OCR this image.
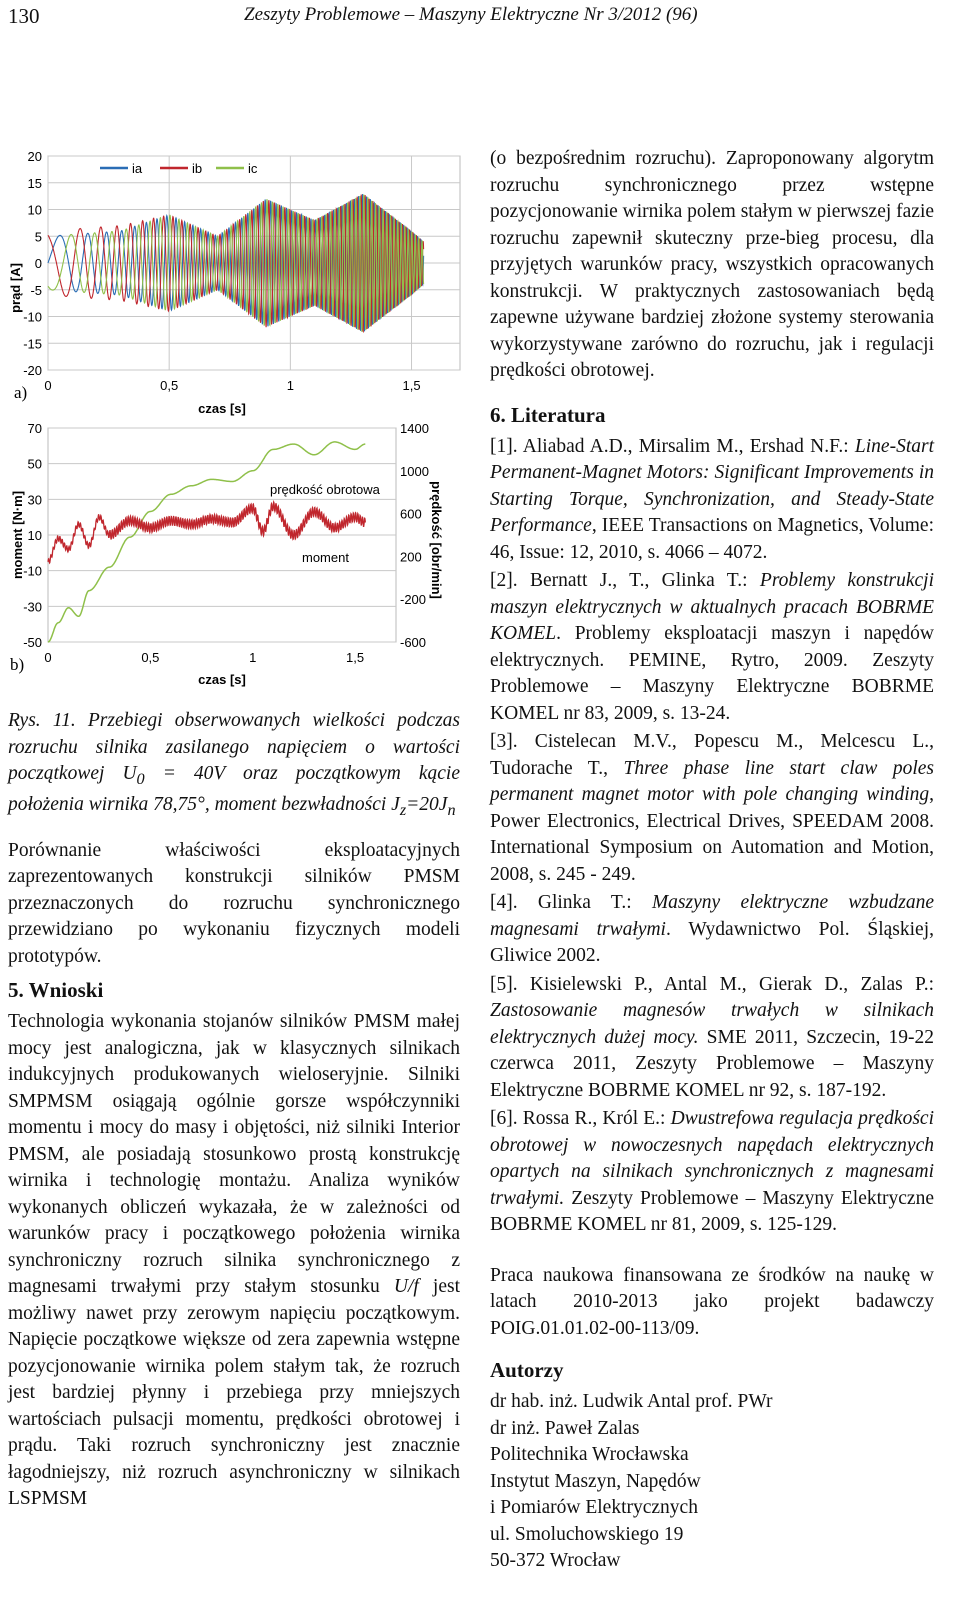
130	Zeszyty Problemowe – Maszyny Elektryczne Nr 3/2012 (96)
20
15
10
5
0
-5
-10
-15
-20
0	0,5	1	1,5
prąd [A]
czas [s]
a)
ia	ib	ic
70
50
30
10
-10
-30
-50
1400
1000
600
200
-200
-600
0	0,5	1	1,5
moment [N·m]	prędkość [obr/min]
czas [s]
b)
prędkość obrotowa
moment

Rys. 11. Przebiegi obserwowanych wielkości podczas rozruchu silnika zasilanego napięciem o wartości początkowej $U_0 = 40V$ oraz początkowym kącie położenia wirnika 78,75°, moment bezwładności $J_z=20J_n$

Porównanie właściwości eksploatacyjnych zaprezentowanych konstrukcji silników PMSM przeznaczonych do rozruchu synchronicznego przewidziano po wykonaniu fizycznych modeli prototypów.

5. Wnioski

Technologia wykonania stojanów silników PMSM małej mocy jest analogiczna, jak w klasycznych silnikach indukcyjnych produkowanych wieloseryjnie. Silniki SMPMSM osiągają ogólnie gorsze współczynniki momentu i mocy do masy i objętości, niż silniki Interior PMSM, ale posiadają stosunkowo prostą konstrukcję wirnika i technologię montażu. Analiza wyników wykonanych obliczeń wykazała, że w zależności od warunków pracy i początkowego położenia wirnika synchroniczny rozruch silnika synchronicznego z magnesami trwałymi przy stałym stosunku U/f jest możliwy nawet przy zerowym napięciu początkowym. Napięcie początkowe większe od zera zapewnia wstępne pozycjonowanie wirnika polem stałym tak, że rozruch jest bardziej płynny i przebiega przy mniejszych wartościach pulsacji momentu, prędkości obrotowej i prądu. Taki rozruch synchroniczny jest znacznie łagodniejszy, niż rozruch asynchroniczny w silnikach LSPMSM

(o bezpośrednim rozruchu). Zaproponowany algorytm rozruchu synchronicznego przez wstępne pozycjonowanie wirnika polem stałym w pierwszej fazie rozruchu zapewnił skuteczny prze-bieg procesu, dla przyjętych warunków pracy, wszystkich opracowanych konstrukcji. W praktycznych zastosowaniach będą zapewne używane bardziej złożone systemy sterowania wykorzystywane zarówno do rozruchu, jak i regulacji prędkości obrotowej.

6. Literatura

[1]. Aliabad A.D., Mirsalim M., Ershad N.F.: Line-Start Permanent-Magnet Motors: Significant Improvements in Starting Torque, Synchronization, and Steady-State Performance, IEEE Transactions on Magnetics, Volume: 46, Issue: 12, 2010, s. 4066 – 4072.

[2]. Bernatt J., T., Glinka T.: Problemy konstrukcji maszyn elektrycznych w aktualnych pracach BOBRME KOMEL. Problemy eksploatacji maszyn i napędów elektrycznych. PEMINE, Rytro, 2009. Zeszyty Problemowe – Maszyny Elektryczne BOBRME KOMEL nr 83, 2009, s. 13-24.

[3]. Cistelecan M.V., Popescu M., Melcescu L., Tudorache T., Three phase line start claw poles permanent magnet motor with pole changing winding, Power Electronics, Electrical Drives, SPEEDAM 2008. International Symposium on Automation and Motion, 2008, s. 245 - 249.

[4]. Glinka T.: Maszyny elektryczne wzbudzane magnesami trwałymi. Wydawnictwo Pol. Śląskiej, Gliwice 2002.

[5]. Kisielewski P., Antal M., Gierak D., Zalas P.: Zastosowanie magnesów trwałych w silnikach elektrycznych dużej mocy. SME 2011, Szczecin, 19-22 czerwca 2011, Zeszyty Problemowe – Maszyny Elektryczne BOBRME KOMEL nr 92, s. 187-192.

[6]. Rossa R., Król E.: Dwustrefowa regulacja prędkości obrotowej w nowoczesnych napędach elektrycznych opartych na silnikach synchronicznych z magnesami trwałymi. Zeszyty Problemowe – Maszyny Elektryczne BOBRME KOMEL nr 81, 2009, s. 125-129.

Praca naukowa finansowana ze środków na naukę w latach 2010-2013 jako projekt badawczy POIG.01.01.02-00-113/09.

Autorzy
dr hab. inż. Ludwik Antal prof. PWr
dr inż. Paweł Zalas
Politechnika Wrocławska
Instytut Maszyn, Napędów
i Pomiarów Elektrycznych
ul. Smoluchowskiego 19
50-372 Wrocław
